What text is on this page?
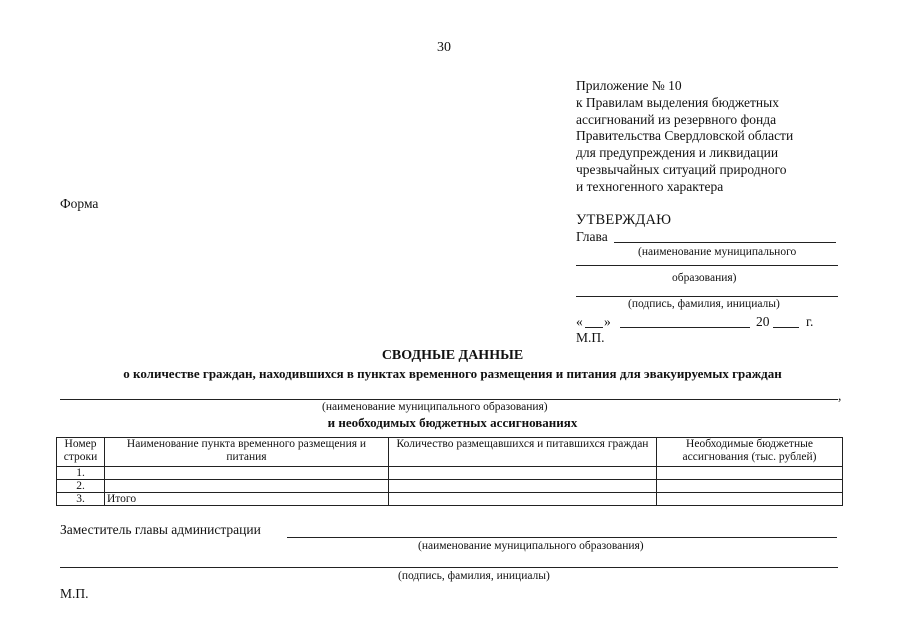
30
Приложение № 10
к Правилам выделения бюджетных
ассигнований из резервного фонда
Правительства Свердловской области
для предупреждения и ликвидации
чрезвычайных ситуаций природного
и техногенного характера
Форма
УТВЕРЖДАЮ
Глава
(наименование муниципального
образования)
(подпись, фамилия, инициалы)
« »	20	г.
М.П.
СВОДНЫЕ ДАННЫЕ
о количестве граждан, находившихся в пунктах временного размещения и питания для эвакуируемых граждан
,
(наименование муниципального образования)
и необходимых бюджетных ассигнованиях
Номер строки	Наименование пункта временного размещения и питания	Количество размещавшихся и питавшихся граждан	Необходимые бюджетные ассигнования (тыс. рублей)
1.			
2.			
3.	Итого		
Заместитель главы администрации
(наименование муниципального образования)
(подпись, фамилия, инициалы)
М.П.
